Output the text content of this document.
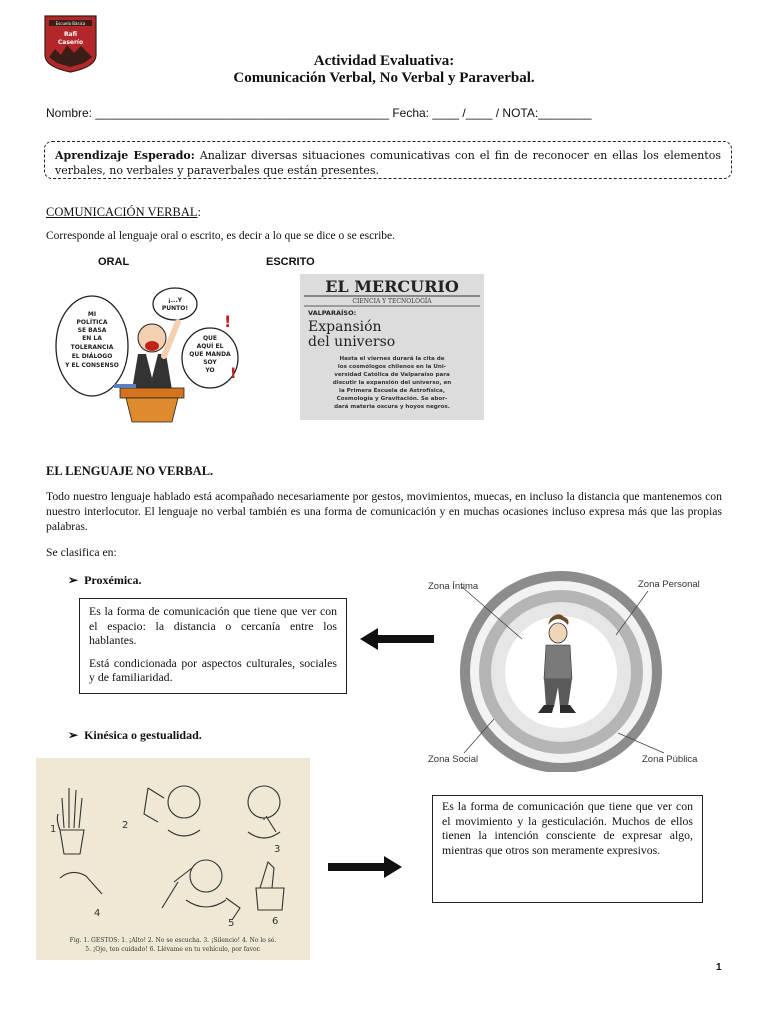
Escuela Básica
Rafi
Caserío
Actividad Evaluativa:
Comunicación Verbal, No Verbal y Paraverbal.
Nombre: ____________________________________________ Fecha: ____ /____ / NOTA:________
Aprendizaje Esperado: Analizar diversas situaciones comunicativas con el fin de reconocer en ellas los elementos verbales, no verbales y paraverbales que están presentes.
COMUNICACIÓN VERBAL:
Corresponde al lenguaje oral o escrito, es decir a lo que se dice o se escribe.
ORAL	ESCRITO
MI
POLÍTICA
SE BASA
EN LA
TOLERANCIA
EL DIÁLOGO
Y EL CONSENSO
¡...Y
PUNTO!
QUE
AQUÍ EL
QUE MANDA
SOY
YO
!
!
EL MERCURIO
CIENCIA Y TECNOLOGÍA
VALPARAÍSO:
Expansión
del universo
Hasta el viernes durará la cita de
los cosmólogos chilenos en la Uni-
versidad Católica de Valparaíso para
discutir la expansión del universo, en
la Primera Escuela de Astrofísica,
Cosmología y Gravitación. Se abor-
dará materia oscura y hoyos negros.
EL LENGUAJE NO VERBAL.
Todo nuestro lenguaje hablado está acompañado necesariamente por gestos, movimientos, muecas, en incluso la distancia que mantenemos con nuestro interlocutor. El lenguaje no verbal también es una forma de comunicación y en muchas ocasiones incluso expresa más que las propias palabras.
Se clasifica en:
➢ Proxémica.

Es la forma de comunicación que tiene que ver con el espacio: la distancia o cercanía entre los hablantes.

Está condicionada por aspectos culturales, sociales y de familiaridad.

Zona Íntima	Zona Personal
Zona Social	Zona Pública
➢ Kinésica o gestualidad.
1	2
3
4
5	6
Fig. 1. GESTOS: 1. ¡Alto! 2. No se escucha. 3. ¡Silencio! 4. No lo sé.
5. ¡Ojo, ten cuidado! 6. Llévame en tu vehículo, por favor.
Es la forma de comunicación que tiene que ver con el movimiento y la gesticulación. Muchos de ellos tienen la intención consciente de expresar algo, mientras que otros son meramente expresivos.
1
